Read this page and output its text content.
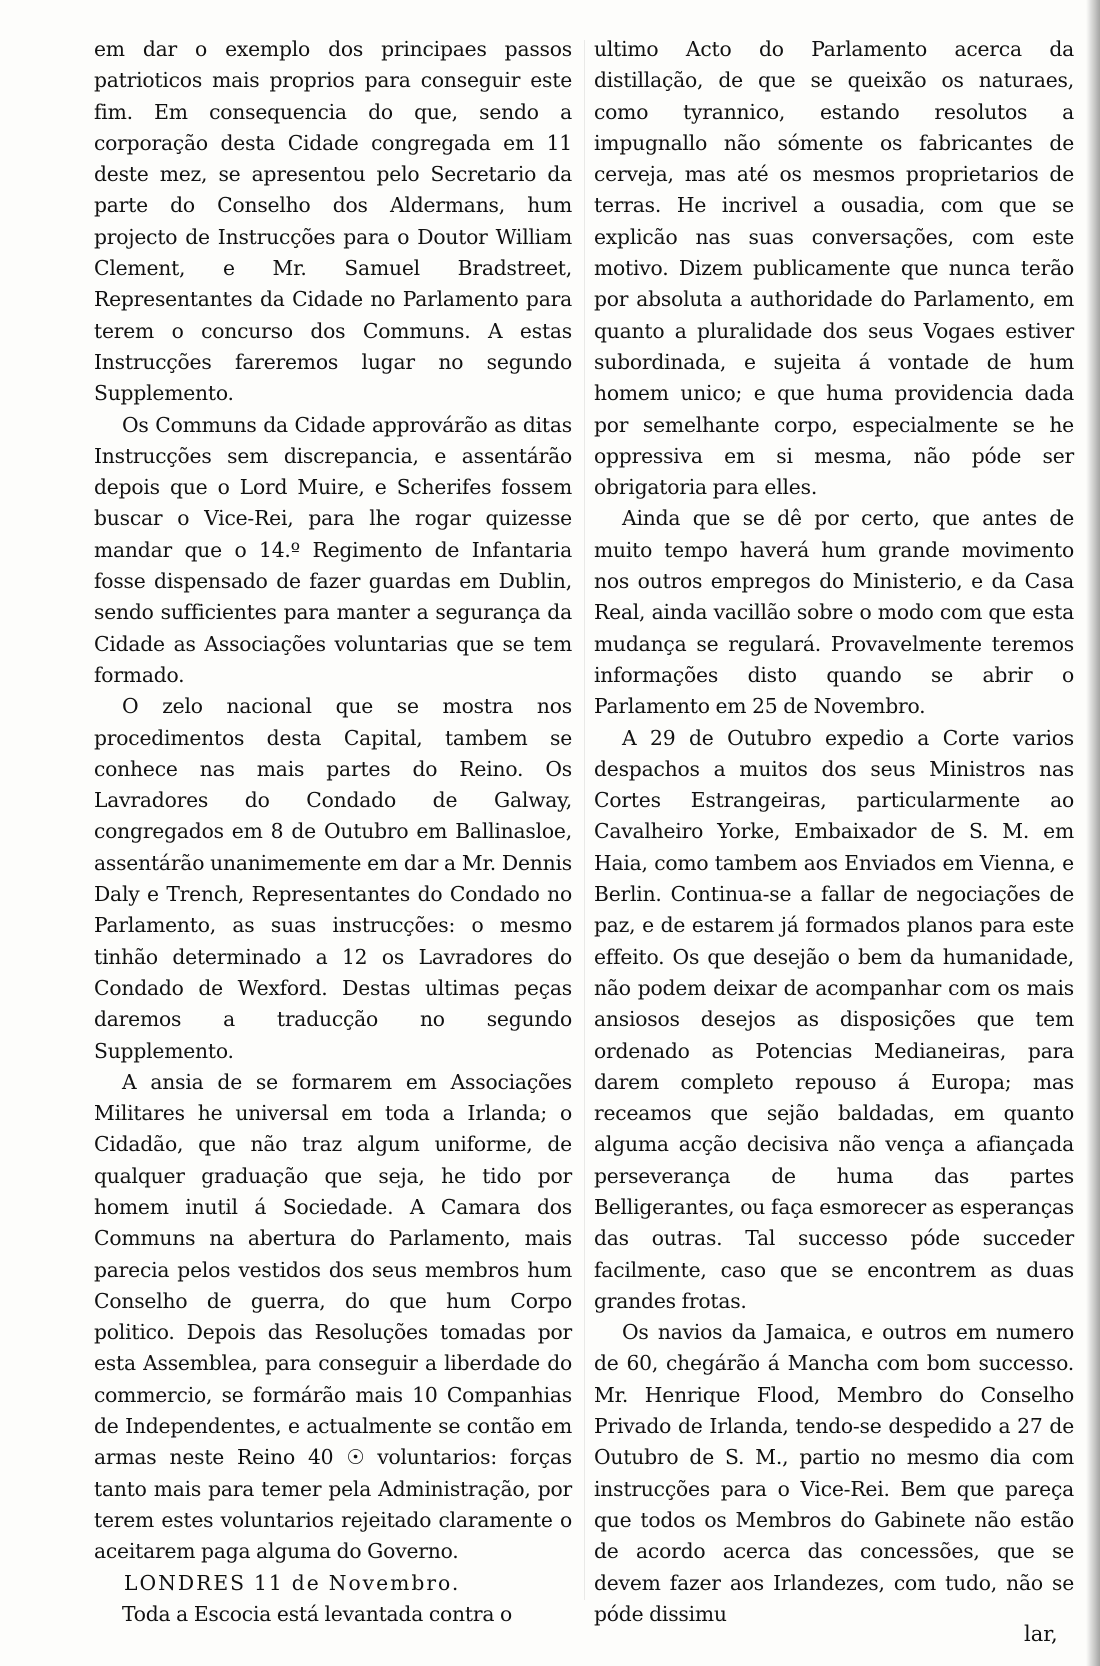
em dar o exemplo dos principaes passos patrioticos mais proprios para conseguir este fim. Em consequencia do que, sendo a corporação desta Cidade congregada em 11 deste mez, se apresentou pelo Secretario da parte do Conselho dos Aldermans, hum projecto de Instrucções para o Doutor William Clement, e Mr. Samuel Bradstreet, Representantes da Cidade no Parlamento para terem o concurso dos Communs. A estas Instrucções fareremos lugar no segundo Supplemento.

Os Communs da Cidade approvárão as ditas Instrucções sem discrepancia, e assentárão depois que o Lord Muire, e Scherifes fossem buscar o Vice-Rei, para lhe rogar quizesse mandar que o 14.º Regimento de Infantaria fosse dispensado de fazer guardas em Dublin, sendo sufficientes para manter a segurança da Cidade as Associações voluntarias que se tem formado.

O zelo nacional que se mostra nos procedimentos desta Capital, tambem se conhece nas mais partes do Reino. Os Lavradores do Condado de Galway, congregados em 8 de Outubro em Ballinasloe, assentárão unanimemente em dar a Mr. Dennis Daly e Trench, Representantes do Condado no Parlamento, as suas instrucções: o mesmo tinhão determinado a 12 os Lavradores do Condado de Wexford. Destas ultimas peças daremos a traducção no segundo Supplemento.

A ansia de se formarem em Associações Militares he universal em toda a Irlanda; o Cidadão, que não traz algum uniforme, de qualquer graduação que seja, he tido por homem inutil á Sociedade. A Camara dos Communs na abertura do Parlamento, mais parecia pelos vestidos dos seus membros hum Conselho de guerra, do que hum Corpo politico. Depois das Resoluções tomadas por esta Assemblea, para conseguir a liberdade do commercio, se formárão mais 10 Companhias de Independentes, e actualmente se contão em armas neste Reino 40 ☉ voluntarios: forças tanto mais para temer pela Administração, por terem estes voluntarios rejeitado claramente o aceitarem paga alguma do Governo.

LONDRES 11 de Novembro.

Toda a Escocia está levantada contra o

ultimo Acto do Parlamento acerca da distillação, de que se queixão os naturaes, como tyrannico, estando resolutos a impugnallo não sómente os fabricantes de cerveja, mas até os mesmos proprietarios de terras. He incrivel a ousadia, com que se explicão nas suas conversações, com este motivo. Dizem publicamente que nunca terão por absoluta a authoridade do Parlamento, em quanto a pluralidade dos seus Vogaes estiver subordinada, e sujeita á vontade de hum homem unico; e que huma providencia dada por semelhante corpo, especialmente se he oppressiva em si mesma, não póde ser obrigatoria para elles.

Ainda que se dê por certo, que antes de muito tempo haverá hum grande movimento nos outros empregos do Ministerio, e da Casa Real, ainda vacillão sobre o modo com que esta mudança se regulará. Provavelmente teremos informações disto quando se abrir o Parlamento em 25 de Novembro.

A 29 de Outubro expedio a Corte varios despachos a muitos dos seus Ministros nas Cortes Estrangeiras, particularmente ao Cavalheiro Yorke, Embaixador de S. M. em Haia, como tambem aos Enviados em Vienna, e Berlin. Continua-se a fallar de negociações de paz, e de estarem já formados planos para este effeito. Os que desejão o bem da humanidade, não podem deixar de acompanhar com os mais ansiosos desejos as disposições que tem ordenado as Potencias Medianeiras, para darem completo repouso á Europa; mas receamos que sejão baldadas, em quanto alguma acção decisiva não vença a afiançada perseverança de huma das partes Belligerantes, ou faça esmorecer as esperanças das outras. Tal successo póde succeder facilmente, caso que se encontrem as duas grandes frotas.

Os navios da Jamaica, e outros em numero de 60, chegárão á Mancha com bom successo. Mr. Henrique Flood, Membro do Conselho Privado de Irlanda, tendo-se despedido a 27 de Outubro de S. M., partio no mesmo dia com instrucções para o Vice-Rei. Bem que pareça que todos os Membros do Gabinete não estão de acordo acerca das concessões, que se devem fazer aos Irlandezes, com tudo, não se póde dissimu

lar,
